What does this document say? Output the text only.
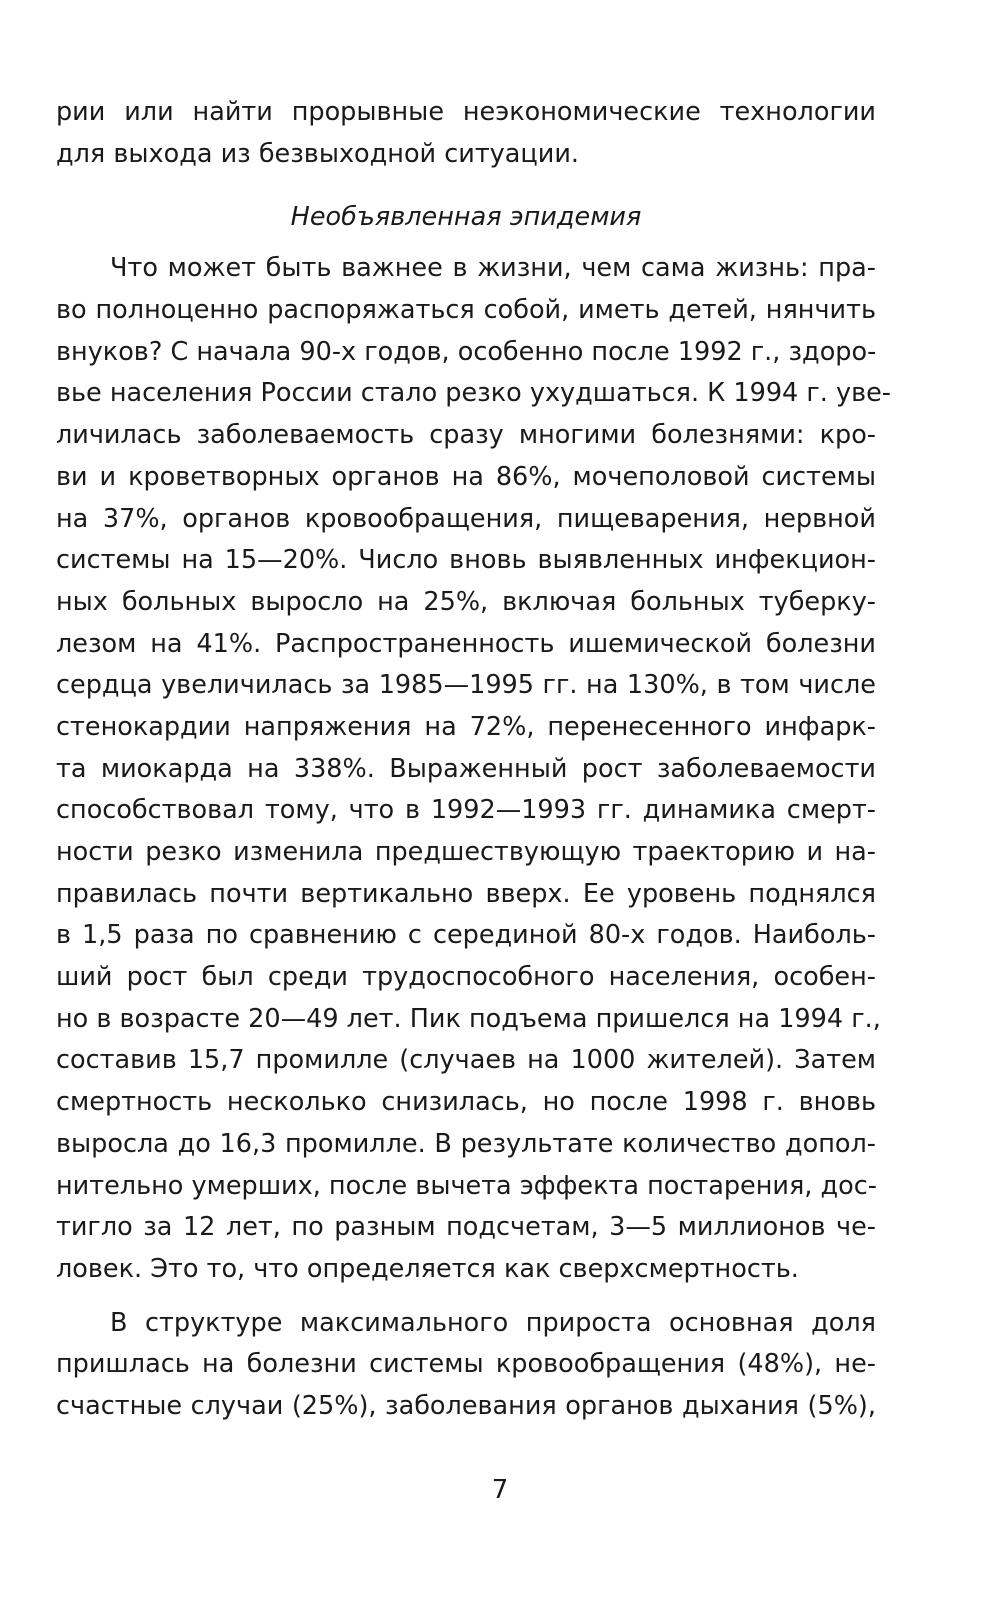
рии или найти прорывные неэкономические технологии
для выхода из безвыходной ситуации.
Необъявленная эпидемия
Что может быть важнее в жизни, чем сама жизнь: пра-
во полноценно распоряжаться собой, иметь детей, нянчить
внуков? С начала 90-х годов, особенно после 1992 г., здоро-
вье населения России стало резко ухудшаться. К 1994 г. уве-
личилась заболеваемость сразу многими болезнями: кро-
ви и кроветворных органов на 86%, мочеполовой системы
на 37%, органов кровообращения, пищеварения, нервной
системы на 15—20%. Число вновь выявленных инфекцион-
ных больных выросло на 25%, включая больных туберку-
лезом на 41%. Распространенность ишемической болезни
сердца увеличилась за 1985—1995 гг. на 130%, в том числе
стенокардии напряжения на 72%, перенесенного инфарк-
та миокарда на 338%. Выраженный рост заболеваемости
способствовал тому, что в 1992—1993 гг. динамика смерт-
ности резко изменила предшествующую траекторию и на-
правилась почти вертикально вверх. Ее уровень поднялся
в 1,5 раза по сравнению с серединой 80-х годов. Наиболь-
ший рост был среди трудоспособного населения, особен-
но в возрасте 20—49 лет. Пик подъема пришелся на 1994 г.,
составив 15,7 промилле (случаев на 1000 жителей). Затем
смертность несколько снизилась, но после 1998 г. вновь
выросла до 16,3 промилле. В результате количество допол-
нительно умерших, после вычета эффекта постарения, дос-
тигло за 12 лет, по разным подсчетам, 3—5 миллионов че-
ловек. Это то, что определяется как сверхсмертность.
В структуре максимального прироста основная доля
пришлась на болезни системы кровообращения (48%), не-
счастные случаи (25%), заболевания органов дыхания (5%),
7
